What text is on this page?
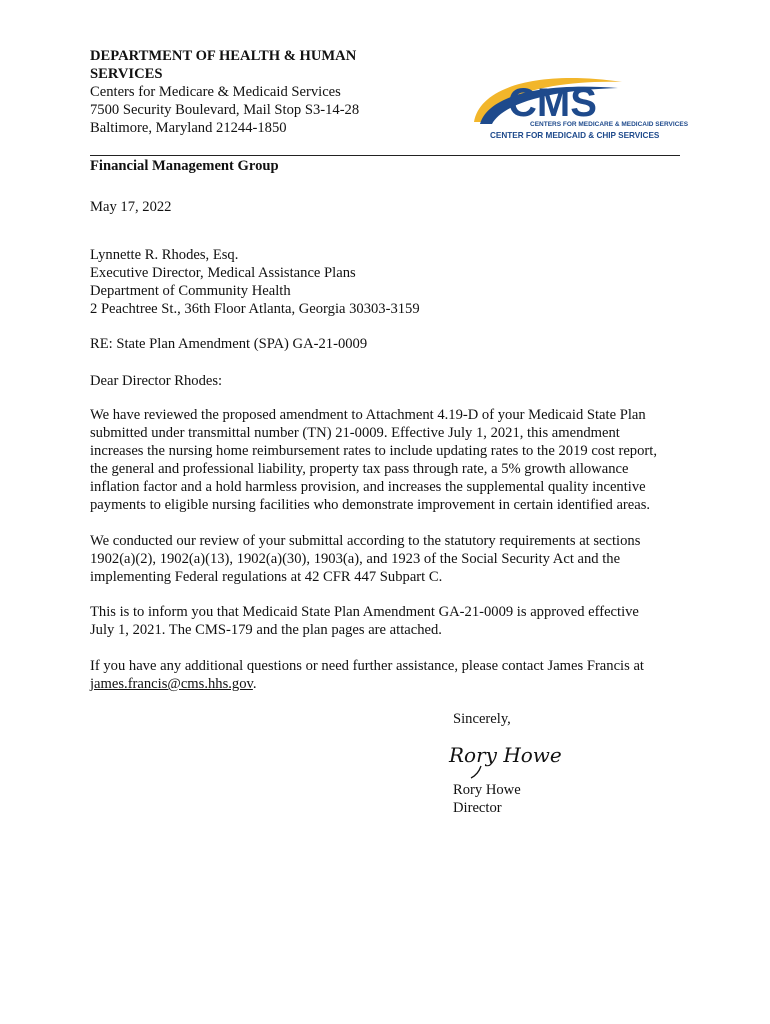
DEPARTMENT OF HEALTH & HUMAN SERVICES
Centers for Medicare & Medicaid Services
7500 Security Boulevard, Mail Stop S3-14-28
Baltimore, Maryland 21244-1850
CMS
CENTERS FOR MEDICARE & MEDICAID SERVICES
CENTER FOR MEDICAID & CHIP SERVICES
Financial Management Group
May 17, 2022
Lynnette R. Rhodes, Esq.
Executive Director, Medical Assistance Plans
Department of Community Health
2 Peachtree St., 36th Floor Atlanta, Georgia 30303-3159
RE: State Plan Amendment (SPA) GA-21-0009
Dear Director Rhodes:
We have reviewed the proposed amendment to Attachment 4.19-D of your Medicaid State Plan
submitted under transmittal number (TN) 21-0009. Effective July 1, 2021, this amendment
increases the nursing home reimbursement rates to include updating rates to the 2019 cost report,
the general and professional liability, property tax pass through rate, a 5% growth allowance
inflation factor and a hold harmless provision, and increases the supplemental quality incentive
payments to eligible nursing facilities who demonstrate improvement in certain identified areas.
We conducted our review of your submittal according to the statutory requirements at sections
1902(a)(2), 1902(a)(13), 1902(a)(30), 1903(a), and 1923 of the Social Security Act and the
implementing Federal regulations at 42 CFR 447 Subpart C.
This is to inform you that Medicaid State Plan Amendment GA-21-0009 is approved effective
July 1, 2021. The CMS-179 and the plan pages are attached.
If you have any additional questions or need further assistance, please contact James Francis at
james.francis@cms.hhs.gov.
Sincerely,
Rory Howe
Rory Howe
Director
